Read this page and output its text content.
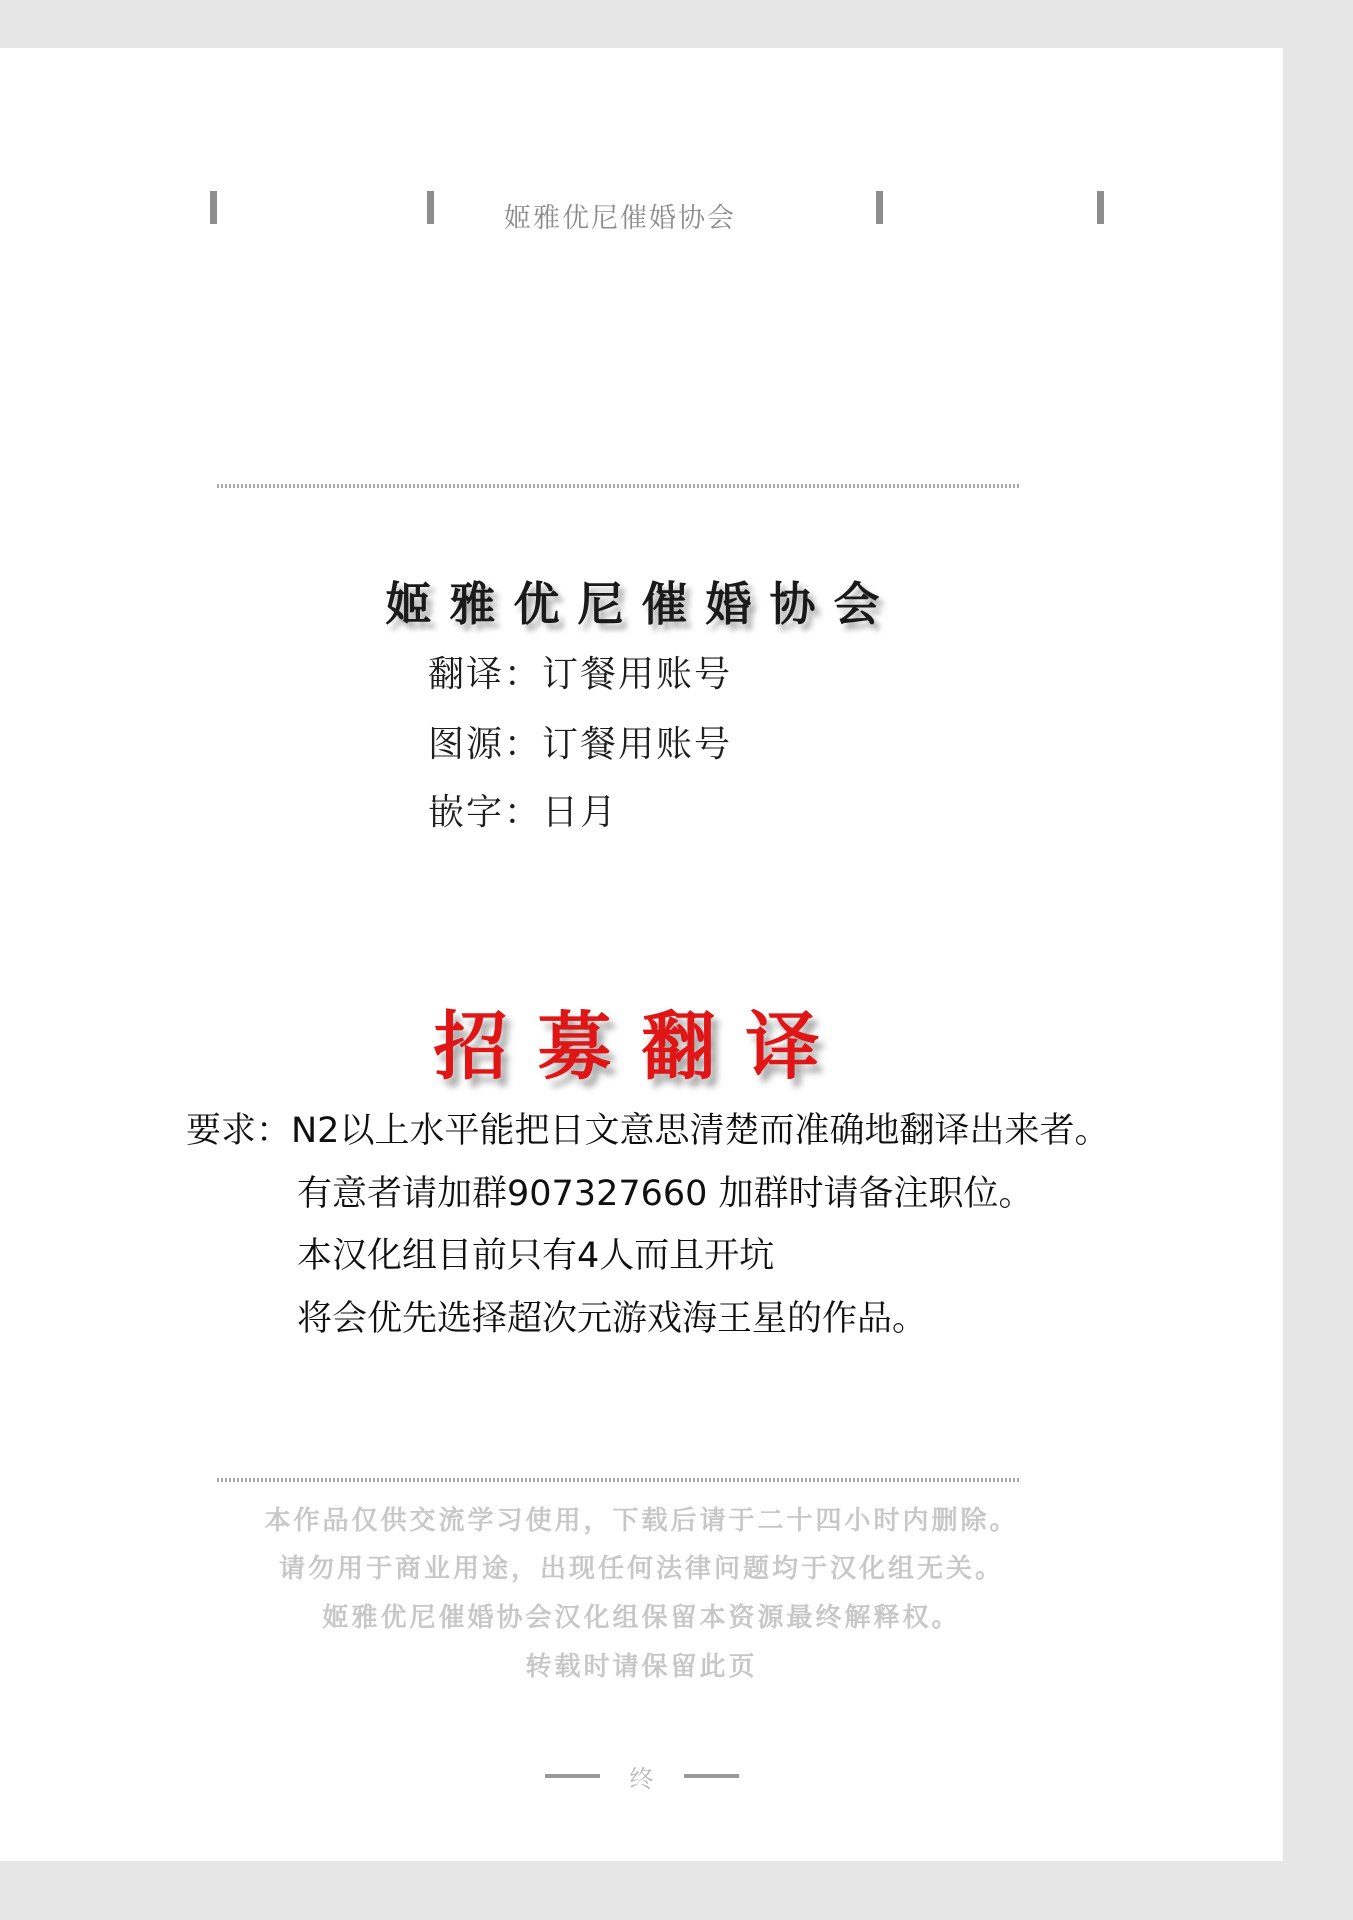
姬雅优尼催婚协会
姬雅优尼催婚协会
翻译：订餐用账号
图源：订餐用账号
嵌字：日月
招募翻译
要求：N2以上水平能把日文意思清楚而准确地翻译出来者。
有意者请加群907327660 加群时请备注职位。
本汉化组目前只有4人而且开坑
将会优先选择超次元游戏海王星的作品。
本作品仅供交流学习使用，下载后请于二十四小时内删除。
请勿用于商业用途，出现任何法律问题均于汉化组无关。
姬雅优尼催婚协会汉化组保留本资源最终解释权。
转载时请保留此页
终
